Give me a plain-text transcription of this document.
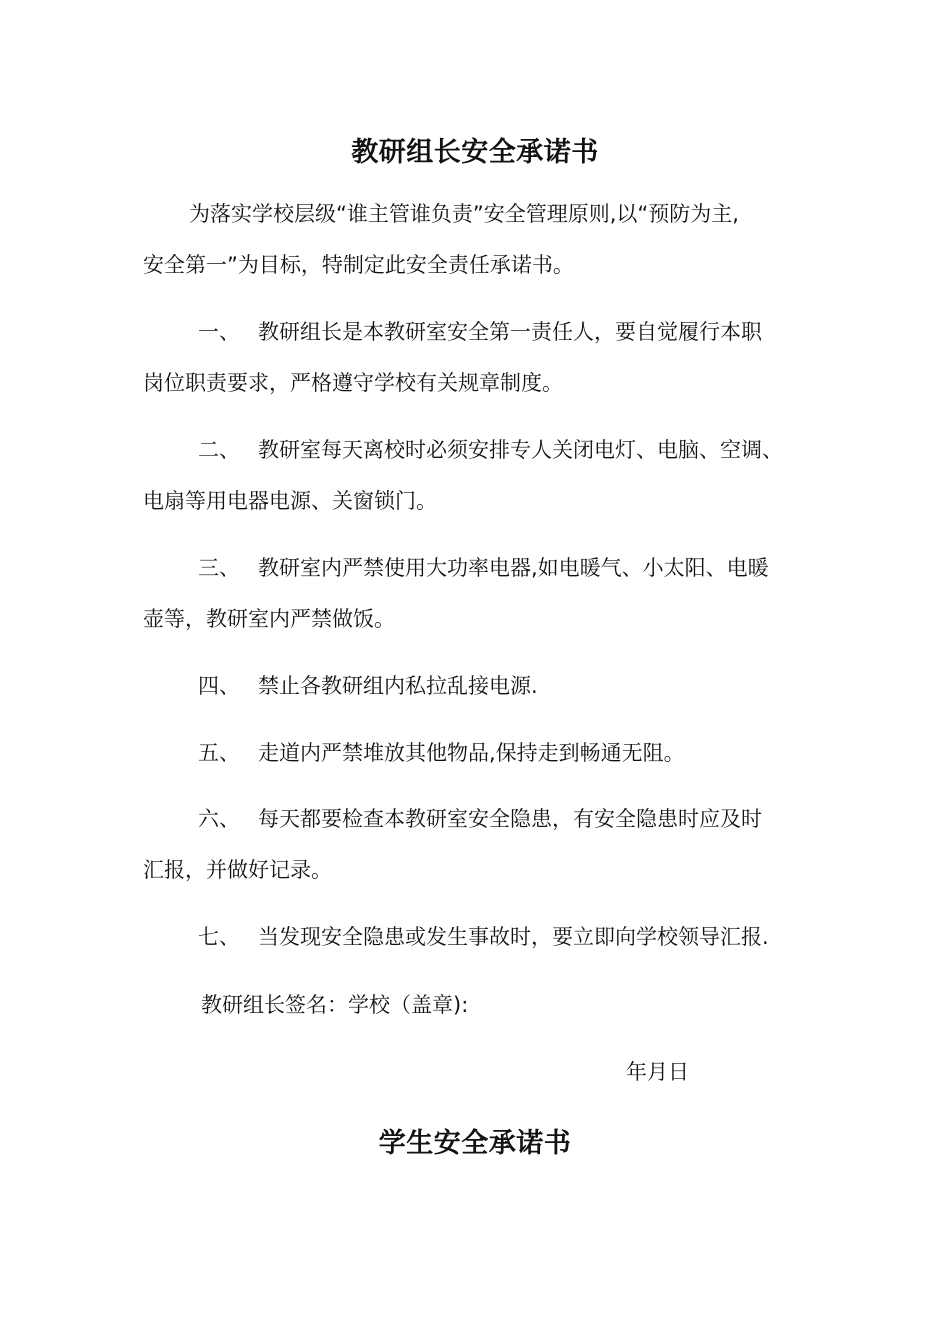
教研组长安全承诺书
为落实学校层级“谁主管谁负责”安全管理原则,以“预防为主,
安全第一”为目标，特制定此安全责任承诺书。
一、 教研组长是本教研室安全第一责任人，要自觉履行本职
岗位职责要求，严格遵守学校有关规章制度。
二、 教研室每天离校时必须安排专人关闭电灯、电脑、空调、
电扇等用电器电源、关窗锁门。
三、 教研室内严禁使用大功率电器,如电暖气、小太阳、电暖
壶等，教研室内严禁做饭。
四、 禁止各教研组内私拉乱接电源.
五、 走道内严禁堆放其他物品,保持走到畅通无阻。
六、 每天都要检查本教研室安全隐患，有安全隐患时应及时
汇报，并做好记录。
七、 当发现安全隐患或发生事故时，要立即向学校领导汇报.
教研组长签名：学校（盖章):
年月日
学生安全承诺书
